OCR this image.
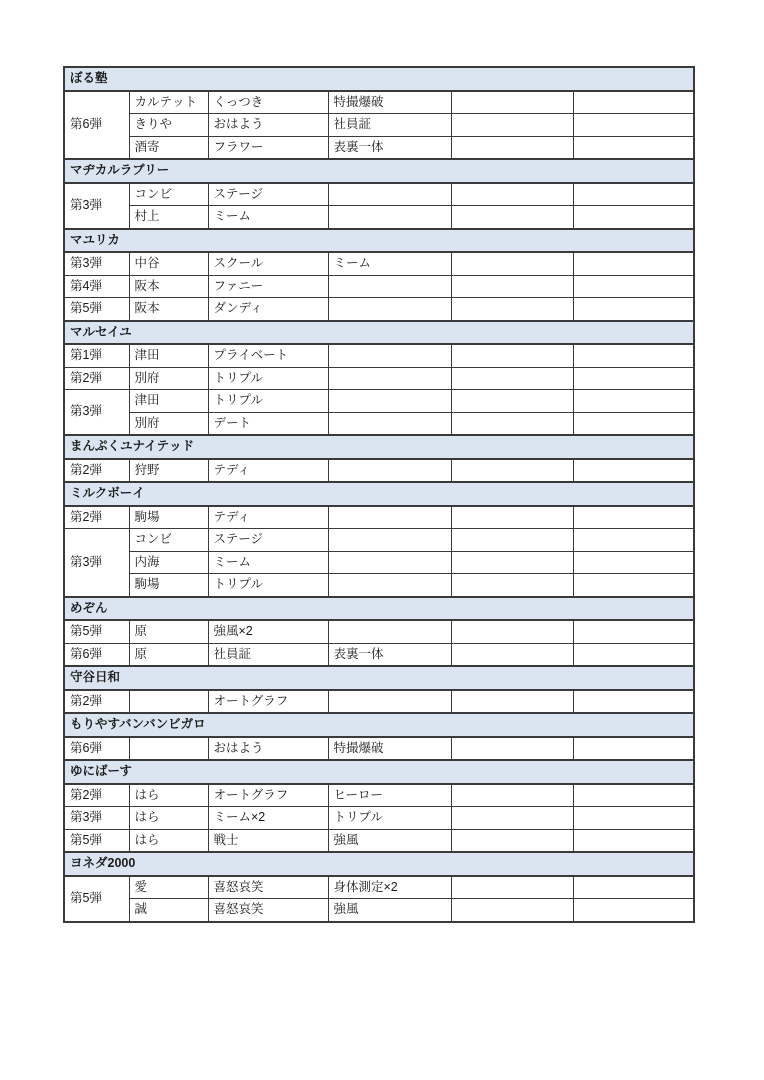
ぼる塾					
第6弾	カルテット	くっつき	特撮爆破		
	きりや	おはよう	社員証		
	酒寄	フラワー	表裏一体		
マヂカルラブリー					
第3弾	コンビ	ステージ			
	村上	ミーム			
マユリカ					
第3弾	中谷	スクール	ミーム		
第4弾	阪本	ファニー			
第5弾	阪本	ダンディ			
マルセイユ					
第1弾	津田	プライベート			
第2弾	別府	トリプル			
第3弾	津田	トリプル			
	別府	デート			
まんぷくユナイテッド					
第2弾	狩野	テディ			
ミルクボーイ					
第2弾	駒場	テディ			
第3弾	コンビ	ステージ			
	内海	ミーム			
	駒場	トリプル			
めぞん					
第5弾	原	強風×2			
第6弾	原	社員証	表裏一体		
守谷日和					
第2弾		オートグラフ			
もりやすバンバンビガロ					
第6弾		おはよう	特撮爆破		
ゆにばーす					
第2弾	はら	オートグラフ	ヒーロー		
第3弾	はら	ミーム×2	トリプル		
第5弾	はら	戦士	強風		
ヨネダ2000					
第5弾	愛	喜怒哀笑	身体測定×2		
	誠	喜怒哀笑	強風		
